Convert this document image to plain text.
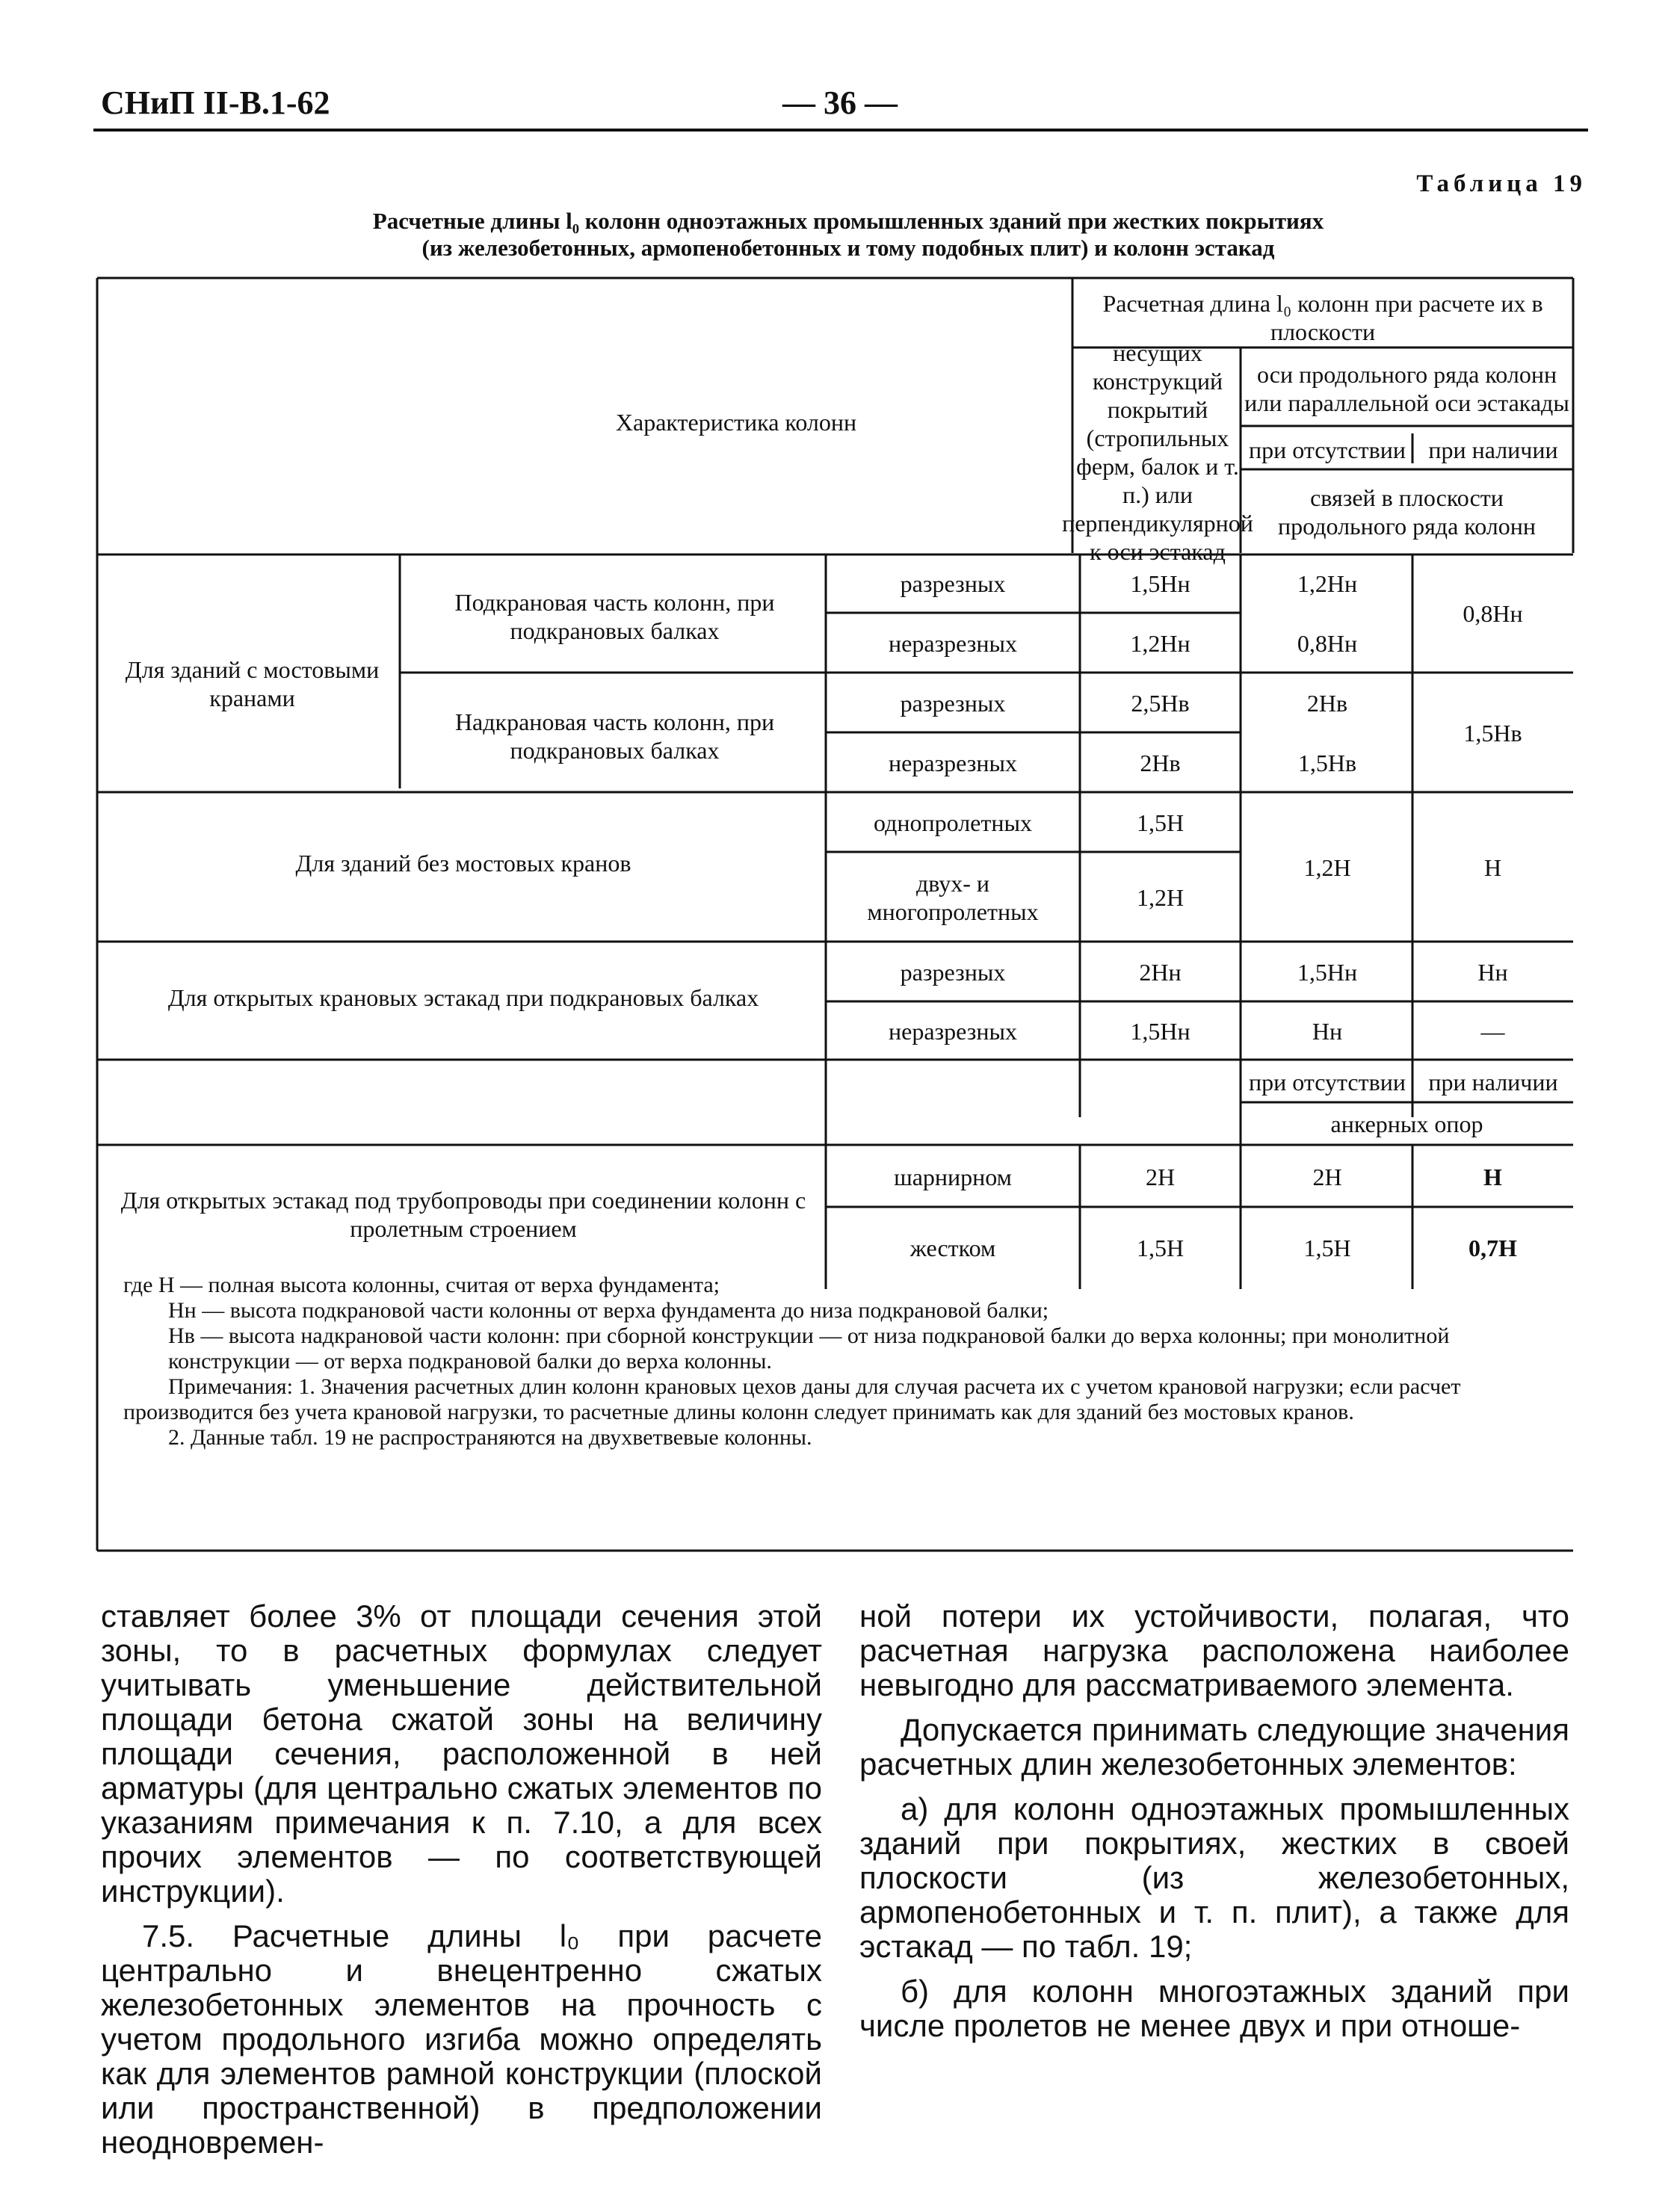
СНиП II-В.1-62	— 36 —
Таблица 19
Расчетные длины l₀ колонн одноэтажных промышленных зданий при жестких покрытиях
(из железобетонных, армопенобетонных и тому подобных плит) и колонн эстакад
Характеристика колонн
Расчетная длина l₀ колонн при расчете их в плоскости
несущих конструкций покрытий (стропильных ферм, балок и т. п.) или перпендикулярной к оси эстакад
оси продольного ряда колонн или параллельной оси эстакады
при отсутствии при наличии
связей в плоскости продольного ряда колонн
Для зданий с мостовыми кранами
Подкрановая часть колонн, при подкрановых балках
Надкрановая часть колонн, при подкрановых балках
Для зданий без мостовых кранов
Для открытых крановых эстакад при подкрановых балках
Для открытых эстакад под трубопроводы при соединении колонн с пролетным строением
при отсутствии при наличии
анкерных опор
разрезных
неразрезных
разрезных
неразрезных
однопролетных
двух- и многопролетных
разрезных
неразрезных
шарнирном
жестком
1,5Hн
1,2Hн
2,5Hв
2Hв
1,5H
1,2H
2Hн
1,5Hн
2H
1,5H
1,2Hн
0,8Hн
2Hв
1,5Hв
1,2H
1,5Hн
Hн
2H
1,5H
0,8Hн
1,5Hв
H
Hн
—
H
0,7H

где H — полная высота колонны, считая от верха фундамента;

Hн — высота подкрановой части колонны от верха фундамента до низа подкрановой балки;

Hв — высота надкрановой части колонн: при сборной конструкции — от низа подкрановой балки до верха колонны; при монолитной конструкции — от верха подкрановой балки до верха колонны.

Примечания: 1. Значения расчетных длин колонн крановых цехов даны для случая расчета их с учетом крановой нагрузки; если расчет производится без учета крановой нагрузки, то расчетные длины колонн следует принимать как для зданий без мостовых кранов.

2. Данные табл. 19 не распространяются на двухветвевые колонны.

ставляет более 3% от площади сечения этой зоны, то в расчетных формулах следует учитывать уменьшение действительной площади бетона сжатой зоны на величину площади сечения, расположенной в ней арматуры (для центрально сжатых элементов по указаниям примечания к п. 7.10, а для всех прочих элементов — по соответствующей инструкции).

7.5. Расчетные длины l₀ при расчете центрально и внецентренно сжатых железобетонных элементов на прочность с учетом продольного изгиба можно определять как для элементов рамной конструкции (плоской или пространственной) в предположении неодновремен-

ной потери их устойчивости, полагая, что расчетная нагрузка расположена наиболее невыгодно для рассматриваемого элемента.

Допускается принимать следующие значения расчетных длин железобетонных элементов:

а) для колонн одноэтажных промышленных зданий при покрытиях, жестких в своей плоскости (из железобетонных, армопенобетонных и т. п. плит), а также для эстакад — по табл. 19;

б) для колонн многоэтажных зданий при числе пролетов не менее двух и при отноше-
